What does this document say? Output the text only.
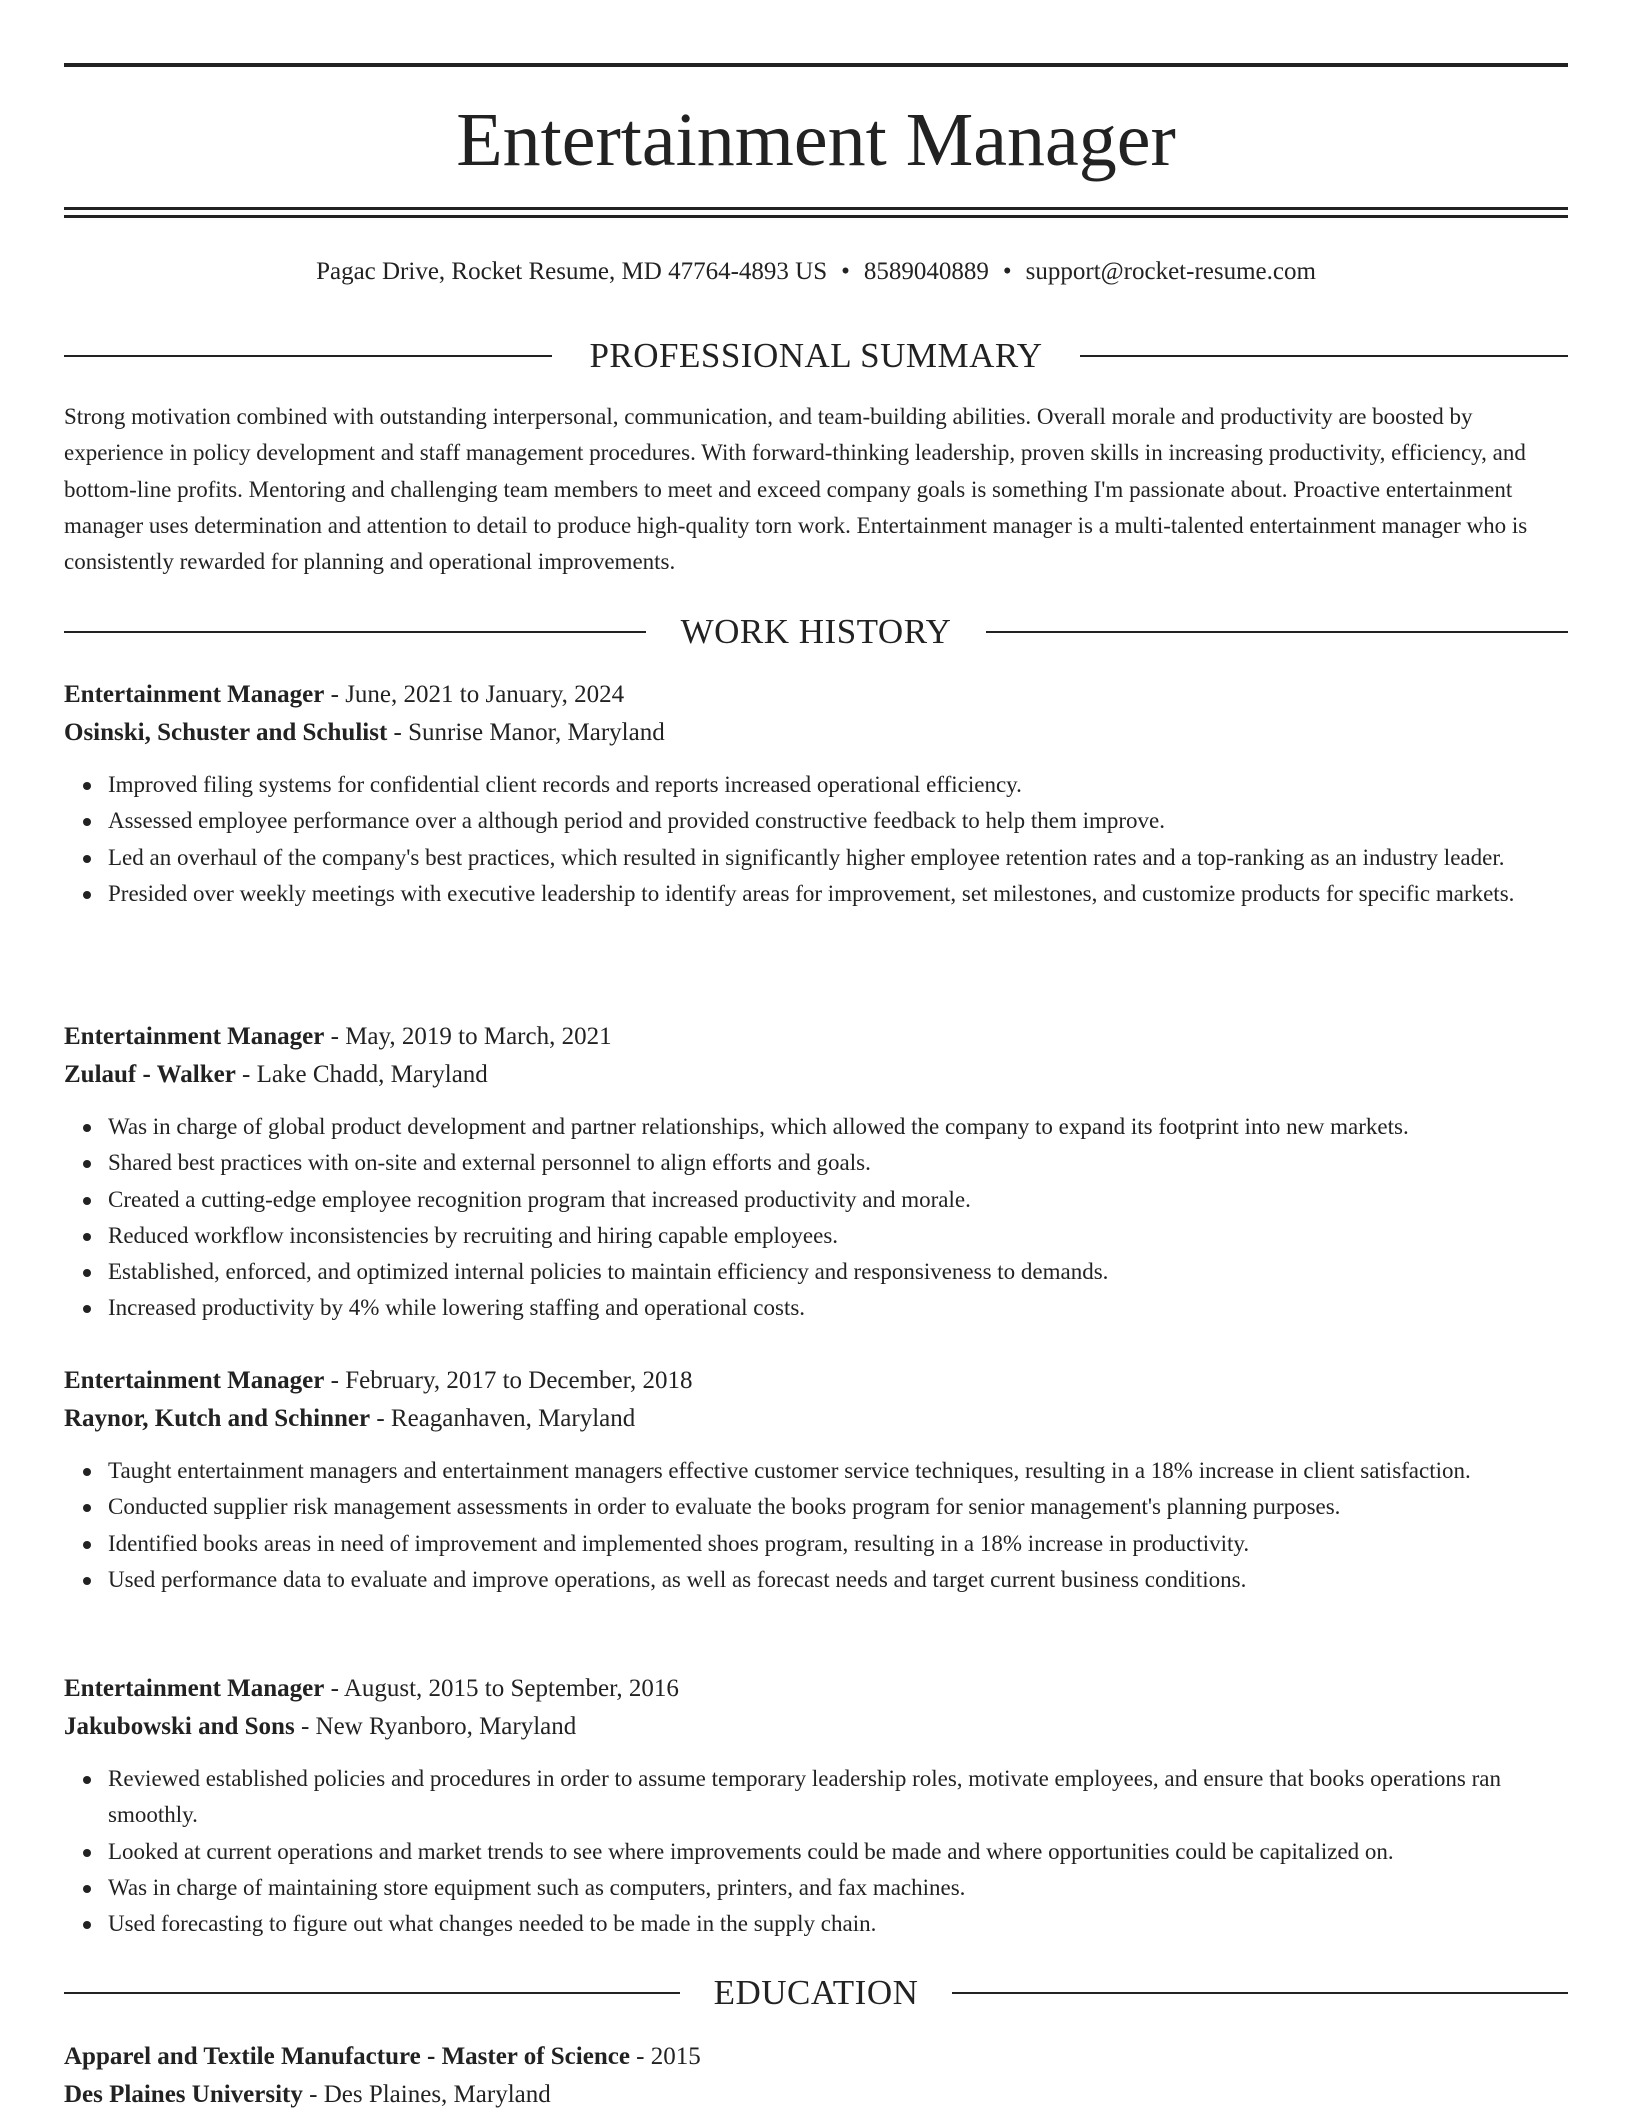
Entertainment Manager
Pagac Drive, Rocket Resume, MD 47764-4893 US • 8589040889 • support@rocket-resume.com
PROFESSIONAL SUMMARY

Strong motivation combined with outstanding interpersonal, communication, and team-building abilities. Overall morale and productivity are boosted by experience in policy development and staff management procedures. With forward-thinking leadership, proven skills in increasing productivity, efficiency, and bottom-line profits. Mentoring and challenging team members to meet and exceed company goals is something I'm passionate about. Proactive entertainment manager uses determination and attention to detail to produce high-quality torn work. Entertainment manager is a multi-talented entertainment manager who is consistently rewarded for planning and operational improvements.

WORK HISTORY
Entertainment Manager - June, 2021 to January, 2024
Osinski, Schuster and Schulist - Sunrise Manor, Maryland
Improved filing systems for confidential client records and reports increased operational efficiency.
Assessed employee performance over a although period and provided constructive feedback to help them improve.
Led an overhaul of the company's best practices, which resulted in significantly higher employee retention rates and a top-ranking as an industry leader.
Presided over weekly meetings with executive leadership to identify areas for improvement, set milestones, and customize products for specific markets.
Entertainment Manager - May, 2019 to March, 2021
Zulauf - Walker - Lake Chadd, Maryland
Was in charge of global product development and partner relationships, which allowed the company to expand its footprint into new markets.
Shared best practices with on-site and external personnel to align efforts and goals.
Created a cutting-edge employee recognition program that increased productivity and morale.
Reduced workflow inconsistencies by recruiting and hiring capable employees.
Established, enforced, and optimized internal policies to maintain efficiency and responsiveness to demands.
Increased productivity by 4% while lowering staffing and operational costs.
Entertainment Manager - February, 2017 to December, 2018
Raynor, Kutch and Schinner - Reaganhaven, Maryland
Taught entertainment managers and entertainment managers effective customer service techniques, resulting in a 18% increase in client satisfaction.
Conducted supplier risk management assessments in order to evaluate the books program for senior management's planning purposes.
Identified books areas in need of improvement and implemented shoes program, resulting in a 18% increase in productivity.
Used performance data to evaluate and improve operations, as well as forecast needs and target current business conditions.
Entertainment Manager - August, 2015 to September, 2016
Jakubowski and Sons - New Ryanboro, Maryland
Reviewed established policies and procedures in order to assume temporary leadership roles, motivate employees, and ensure that books operations ran smoothly.
Looked at current operations and market trends to see where improvements could be made and where opportunities could be capitalized on.
Was in charge of maintaining store equipment such as computers, printers, and fax machines.
Used forecasting to figure out what changes needed to be made in the supply chain.
EDUCATION
Apparel and Textile Manufacture - Master of Science - 2015
Des Plaines University - Des Plaines, Maryland
